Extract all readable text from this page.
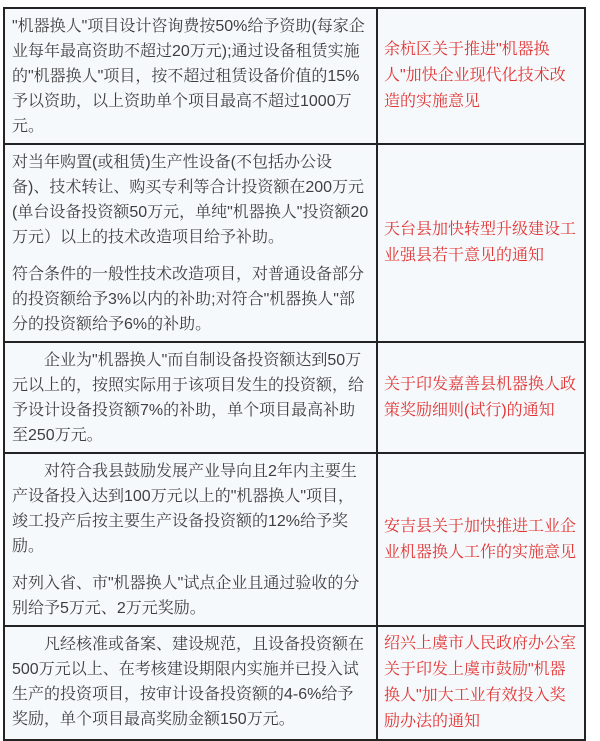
"机器换人"项目设计咨询费按50%给予资助(每家企业每年最高资助不超过20万元);通过设备租赁实施的"机器换人"项目，按不超过租赁设备价值的15%予以资助，以上资助单个项目最高不超过1000万元。

余杭区关于推进"机器换人"加快企业现代化技术改造的实施意见

对当年购置(或租赁)生产性设备(不包括办公设备)、技术转让、购买专利等合计投资额在200万元(单台设备投资额50万元，单纯"机器换人"投资额20万元）以上的技术改造项目给予补助。

符合条件的一般性技术改造项目，对普通设备部分的投资额给予3%以内的补助;对符合"机器换人"部分的投资额给予6%的补助。

天台县加快转型升级建设工业强县若干意见的通知

企业为"机器换人"而自制设备投资额达到50万元以上的，按照实际用于该项目发生的投资额，给予设计设备投资额7%的补助，单个项目最高补助至250万元。

关于印发嘉善县机器换人政策奖励细则(试行)的通知

对符合我县鼓励发展产业导向且2年内主要生产设备投入达到100万元以上的"机器换人"项目，竣工投产后按主要生产设备投资额的12%给予奖励。

对列入省、市"机器换人"试点企业且通过验收的分别给予5万元、2万元奖励。

安吉县关于加快推进工业企业机器换人工作的实施意见

凡经核准或备案、建设规范，且设备投资额在500万元以上、在考核建设期限内实施并已投入试生产的投资项目，按审计设备投资额的4-6%给予奖励，单个项目最高奖励金额150万元。

绍兴上虞市人民政府办公室关于印发上虞市鼓励"机器换人"加大工业有效投入奖励办法的通知
